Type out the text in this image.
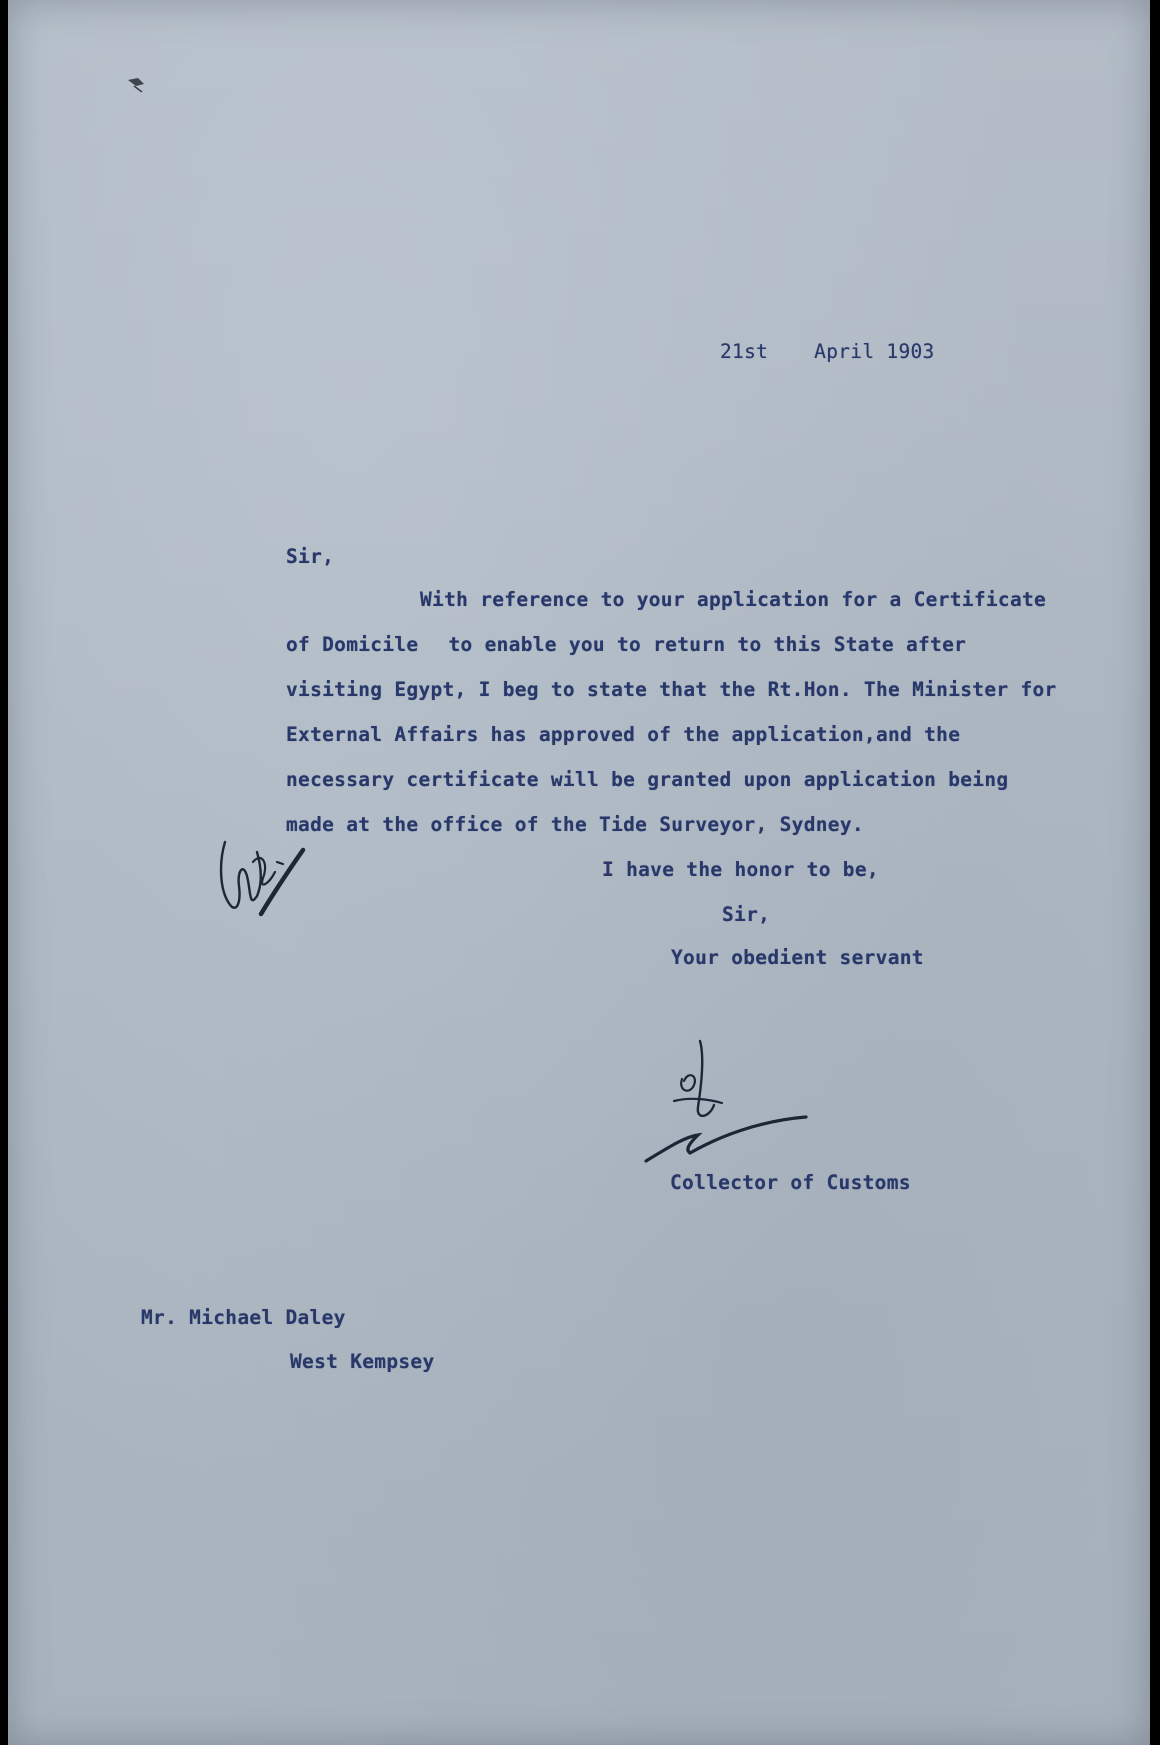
21st April 1903
Sir,
With reference to your application for a Certificate
of Domicile to enable you to return to this State after
visiting Egypt, I beg to state that the Rt.Hon. The Minister for
External Affairs has approved of the application,and the
necessary certificate will be granted upon application being
made at the office of the Tide Surveyor, Sydney.
I have the honor to be,
Sir,
Your obedient servant
Collector of Customs
Mr. Michael Daley
West Kempsey
